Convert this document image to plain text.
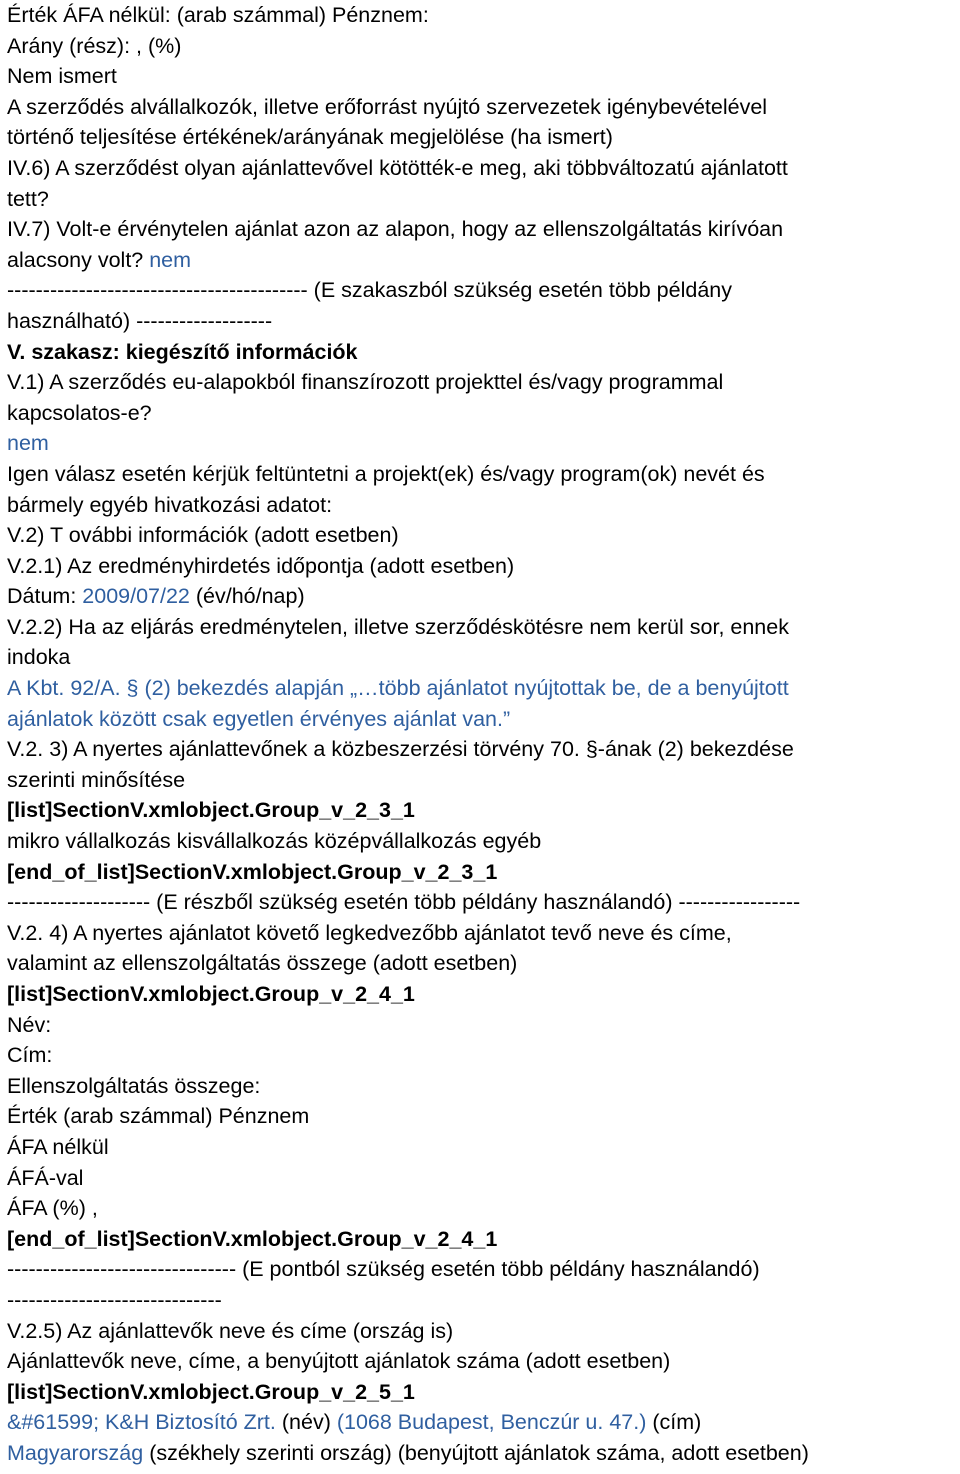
Érték ÁFA nélkül: (arab számmal) Pénznem:
Arány (rész): , (%)
Nem ismert
A szerződés alvállalkozók, illetve erőforrást nyújtó szervezetek igénybevételével
történő teljesítése értékének/arányának megjelölése (ha ismert)
IV.6) A szerződést olyan ajánlattevővel kötötték-e meg, aki többváltozatú ajánlatott
tett?
IV.7) Volt-e érvénytelen ajánlat azon az alapon, hogy az ellenszolgáltatás kirívóan
alacsony volt? nem
------------------------------------------ (E szakaszból szükség esetén több példány
használható) -------------------
V. szakasz: kiegészítő információk
V.1) A szerződés eu-alapokból finanszírozott projekttel és/vagy programmal
kapcsolatos-e?
nem
Igen válasz esetén kérjük feltüntetni a projekt(ek) és/vagy program(ok) nevét és
bármely egyéb hivatkozási adatot:
V.2) T ovábbi információk (adott esetben)
V.2.1) Az eredményhirdetés időpontja (adott esetben)
Dátum: 2009/07/22 (év/hó/nap)
V.2.2) Ha az eljárás eredménytelen, illetve szerződéskötésre nem kerül sor, ennek
indoka
A Kbt. 92/A. § (2) bekezdés alapján „…több ajánlatot nyújtottak be, de a benyújtott
ajánlatok között csak egyetlen érvényes ajánlat van.”
V.2. 3) A nyertes ajánlattevőnek a közbeszerzési törvény 70. §-ának (2) bekezdése
szerinti minősítése
[list]SectionV.xmlobject.Group_v_2_3_1
mikro vállalkozás kisvállalkozás középvállalkozás egyéb
[end_of_list]SectionV.xmlobject.Group_v_2_3_1
-------------------- (E részből szükség esetén több példány használandó) -----------------
V.2. 4) A nyertes ajánlatot követő legkedvezőbb ajánlatot tevő neve és címe,
valamint az ellenszolgáltatás összege (adott esetben)
[list]SectionV.xmlobject.Group_v_2_4_1
Név:
Cím:
Ellenszolgáltatás összege:
Érték (arab számmal) Pénznem
ÁFA nélkül
ÁFÁ-val
ÁFA (%) ,
[end_of_list]SectionV.xmlobject.Group_v_2_4_1
-------------------------------- (E pontból szükség esetén több példány használandó)
------------------------------
V.2.5) Az ajánlattevők neve és címe (ország is)
Ajánlattevők neve, címe, a benyújtott ajánlatok száma (adott esetben)
[list]SectionV.xmlobject.Group_v_2_5_1
&#61599; K&H Biztosító Zrt. (név) (1068 Budapest, Benczúr u. 47.) (cím)
Magyarország (székhely szerinti ország) (benyújtott ajánlatok száma, adott esetben)
